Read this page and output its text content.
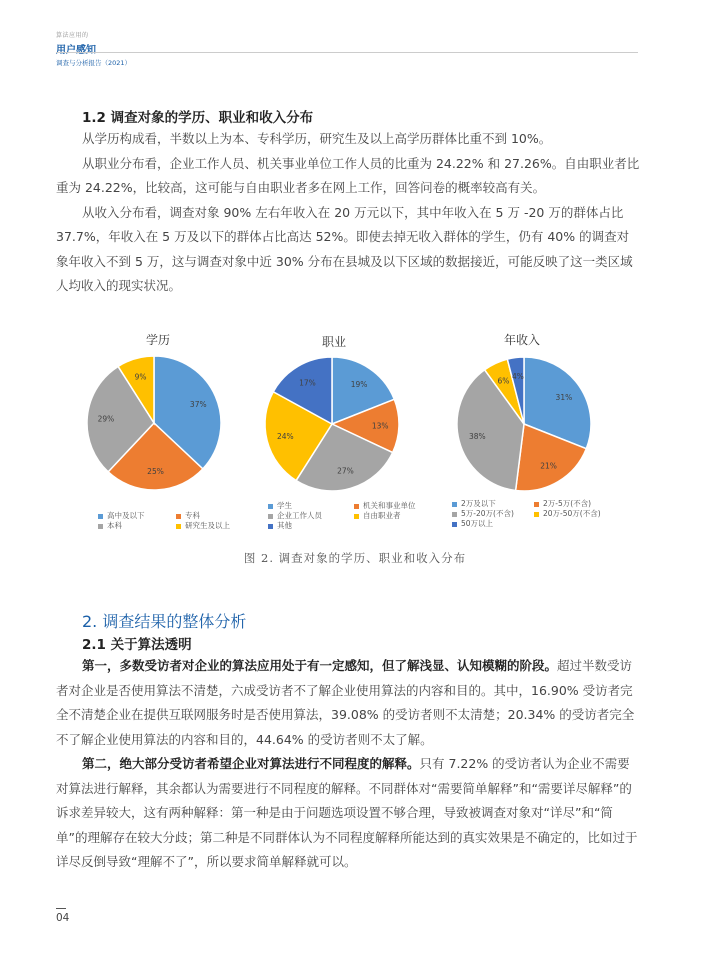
算法应用的
用户感知
调查与分析报告（2021）
1.2 调查对象的学历、职业和收入分布

从学历构成看，半数以上为本、专科学历，研究生及以上高学历群体比重不到 10%。

从职业分布看，企业工作人员、机关事业单位工作人员的比重为 24.22% 和 27.26%。自由职业者比重为 24.22%，比较高，这可能与自由职业者多在网上工作，回答问卷的概率较高有关。

从收入分布看，调查对象 90% 左右年收入在 20 万元以下，其中年收入在 5 万 -20 万的群体占比 37.7%，年收入在 5 万及以下的群体占比高达 52%。即使去掉无收入群体的学生，仍有 40% 的调查对象年收入不到 5 万，这与调查对象中近 30% 分布在县城及以下区域的数据接近，可能反映了这一类区域人均收入的现实状况。

学历
37%
25%
29%
9%
高中及以下	专科
本科	研究生及以上
职业
19%
13%
27%
24%
17%
学生	机关和事业单位
企业工作人员	自由职业者
其他
年收入
31%
21%
38%
6% 4%
2万及以下	2万-5万(不含)
5万-20万(不含)	20万-50万(不含)
50万以上
图 2. 调查对象的学历、职业和收入分布
2. 调查结果的整体分析
2.1 关于算法透明

第一，多数受访者对企业的算法应用处于有一定感知，但了解浅显、认知模糊的阶段。超过半数受访者对企业是否使用算法不清楚，六成受访者不了解企业使用算法的内容和目的。其中，16.90% 受访者完全不清楚企业在提供互联网服务时是否使用算法，39.08% 的受访者则不太清楚；20.34% 的受访者完全不了解企业使用算法的内容和目的，44.64% 的受访者则不太了解。

第二，绝大部分受访者希望企业对算法进行不同程度的解释。只有 7.22% 的受访者认为企业不需要对算法进行解释，其余都认为需要进行不同程度的解释。不同群体对“需要简单解释”和“需要详尽解释”的诉求差异较大，这有两种解释：第一种是由于问题选项设置不够合理，导致被调查对象对“详尽”和“简单”的理解存在较大分歧；第二种是不同群体认为不同程度解释所能达到的真实效果是不确定的，比如过于详尽反倒导致“理解不了”，所以要求简单解释就可以。

04
